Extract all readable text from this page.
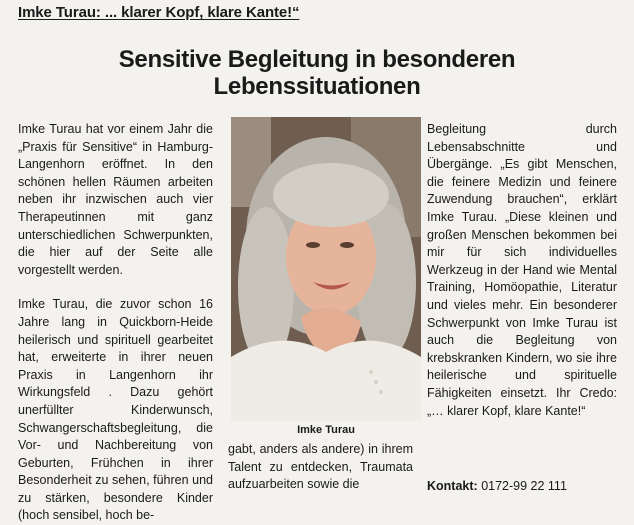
Imke Turau: ... klarer Kopf, klare Kante!“
Sensitive Begleitung in besonderen
Lebenssituationen

Imke Turau hat vor einem Jahr die „Praxis für Sensitive“ in Hamburg-Langenhorn eröffnet. In den schönen hellen Räumen arbeiten neben ihr inzwischen auch vier Therapeutinnen mit ganz unterschiedlichen Schwerpunkten, die hier auf der Seite alle vorgestellt werden.

Imke Turau, die zuvor schon 16 Jahre lang in Quickborn-Heide heilerisch und spirituell gearbeitet hat, erweiterte in ihrer neuen Praxis in Langenhorn ihr Wirkungsfeld . Dazu gehört unerfüllter Kinderwunsch, Schwangerschaftsbegleitung, die Vor- und Nachbereitung von Geburten, Frühchen in ihrer Besonderheit zu sehen, führen und zu stärken, besondere Kinder (hoch sensibel, hoch be-

Imke Turau
gabt, anders als andere) in ihrem Talent zu entdecken, Traumata aufzuarbeiten sowie die
Begleitung durch Lebensabschnitte und Übergänge. „Es gibt Menschen, die feinere Medizin und feinere Zuwendung brauchen“, erklärt Imke Turau. „Diese kleinen und großen Menschen bekommen bei mir für sich individuelles Werkzeug in der Hand wie Mental Training, Homöopathie, Literatur und vieles mehr. Ein besonderer Schwerpunkt von Imke Turau ist auch die Begleitung von krebskranken Kindern, wo sie ihre heilerische und spirituelle Fähigkeiten einsetzt. Ihr Credo: „… klarer Kopf, klare Kante!“
Kontakt: 0172-99 22 111
